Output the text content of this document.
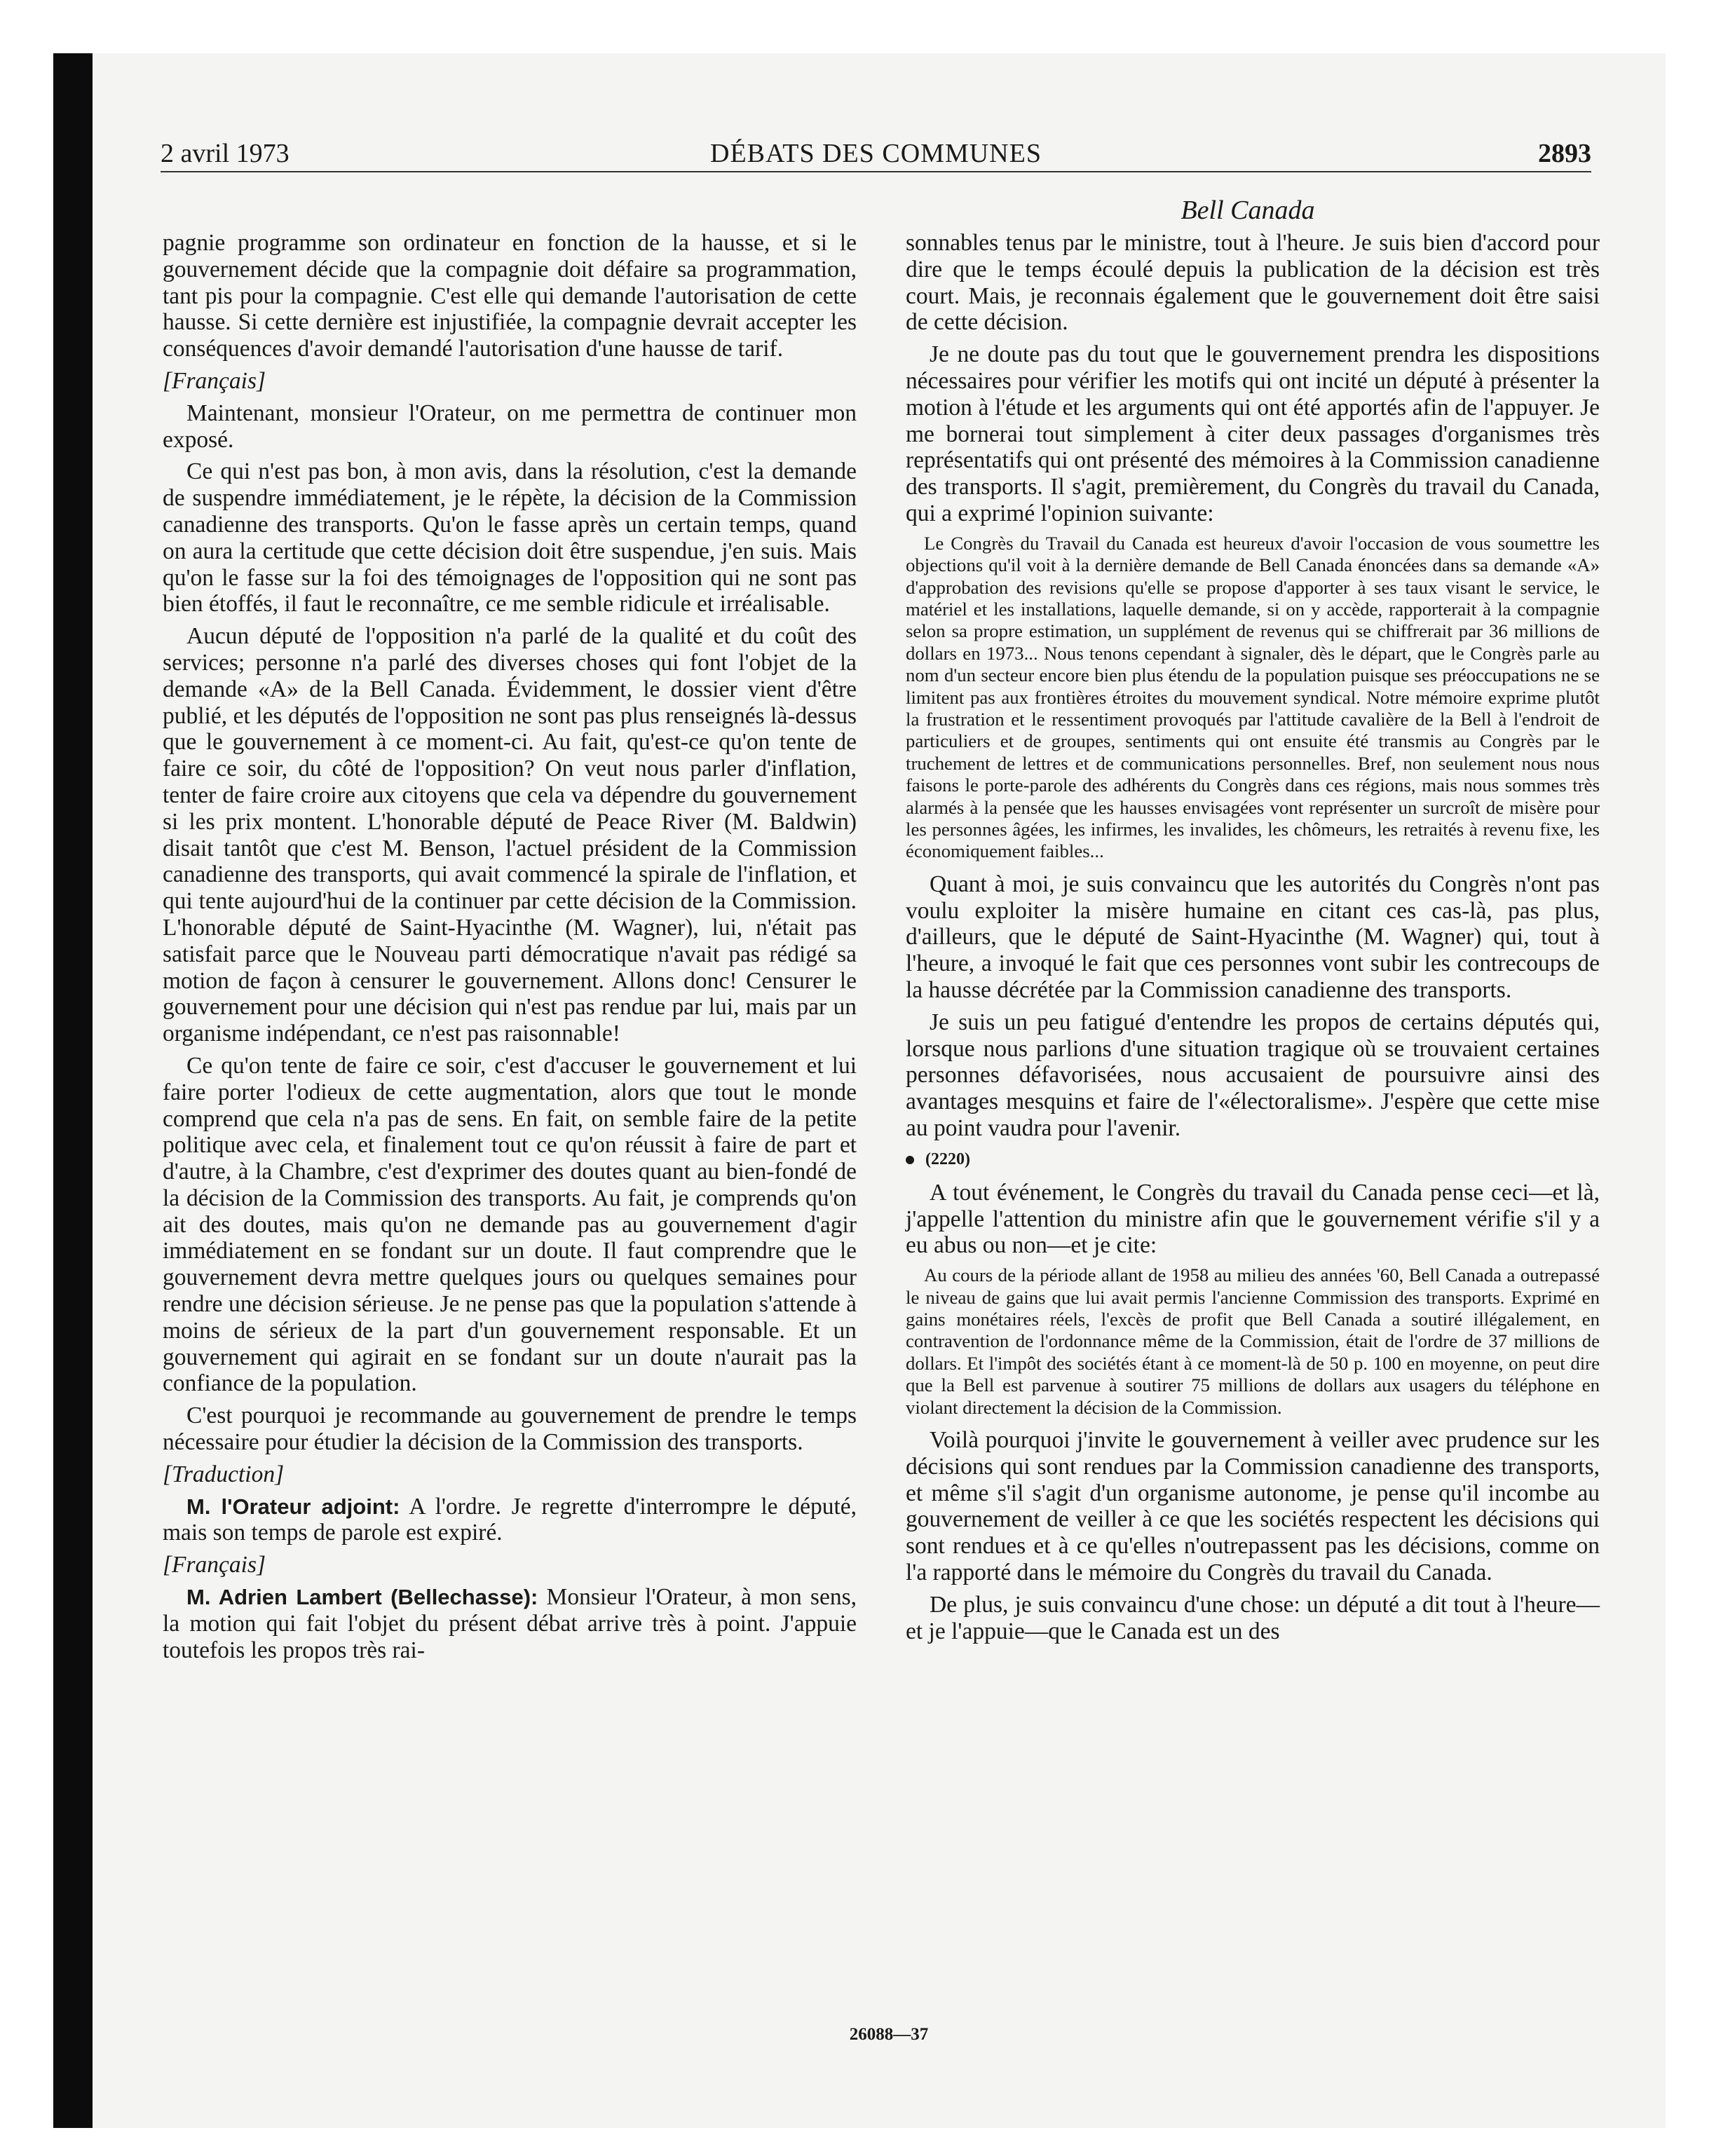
2 avril 1973	DÉBATS DES COMMUNES	2893
Bell Canada

pagnie programme son ordinateur en fonction de la hausse, et si le gouvernement décide que la compagnie doit défaire sa programmation, tant pis pour la compagnie. C'est elle qui demande l'autorisation de cette hausse. Si cette dernière est injustifiée, la compagnie devrait accepter les conséquences d'avoir demandé l'autorisation d'une hausse de tarif.

[Français]

Maintenant, monsieur l'Orateur, on me permettra de continuer mon exposé.

Ce qui n'est pas bon, à mon avis, dans la résolution, c'est la demande de suspendre immédiatement, je le répète, la décision de la Commission canadienne des transports. Qu'on le fasse après un certain temps, quand on aura la certitude que cette décision doit être suspendue, j'en suis. Mais qu'on le fasse sur la foi des témoignages de l'opposition qui ne sont pas bien étoffés, il faut le reconnaître, ce me semble ridicule et irréalisable.

Aucun député de l'opposition n'a parlé de la qualité et du coût des services; personne n'a parlé des diverses choses qui font l'objet de la demande «A» de la Bell Canada. Évidemment, le dossier vient d'être publié, et les députés de l'opposition ne sont pas plus renseignés là-dessus que le gouvernement à ce moment-ci. Au fait, qu'est-ce qu'on tente de faire ce soir, du côté de l'opposition? On veut nous parler d'inflation, tenter de faire croire aux citoyens que cela va dépendre du gouvernement si les prix montent. L'honorable député de Peace River (M. Baldwin) disait tantôt que c'est M. Benson, l'actuel président de la Commission canadienne des transports, qui avait commencé la spirale de l'inflation, et qui tente aujourd'hui de la continuer par cette décision de la Commission. L'honorable député de Saint-Hyacinthe (M. Wagner), lui, n'était pas satisfait parce que le Nouveau parti démocratique n'avait pas rédigé sa motion de façon à censurer le gouvernement. Allons donc! Censurer le gouvernement pour une décision qui n'est pas rendue par lui, mais par un organisme indépendant, ce n'est pas raisonnable!

Ce qu'on tente de faire ce soir, c'est d'accuser le gouvernement et lui faire porter l'odieux de cette augmentation, alors que tout le monde comprend que cela n'a pas de sens. En fait, on semble faire de la petite politique avec cela, et finalement tout ce qu'on réussit à faire de part et d'autre, à la Chambre, c'est d'exprimer des doutes quant au bien-fondé de la décision de la Commission des transports. Au fait, je comprends qu'on ait des doutes, mais qu'on ne demande pas au gouvernement d'agir immédiatement en se fondant sur un doute. Il faut comprendre que le gouvernement devra mettre quelques jours ou quelques semaines pour rendre une décision sérieuse. Je ne pense pas que la population s'attende à moins de sérieux de la part d'un gouvernement responsable. Et un gouvernement qui agirait en se fondant sur un doute n'aurait pas la confiance de la population.

C'est pourquoi je recommande au gouvernement de prendre le temps nécessaire pour étudier la décision de la Commission des transports.

[Traduction]

M. l'Orateur adjoint: A l'ordre. Je regrette d'interrompre le député, mais son temps de parole est expiré.

[Français]

M. Adrien Lambert (Bellechasse): Monsieur l'Orateur, à mon sens, la motion qui fait l'objet du présent débat arrive très à point. J'appuie toutefois les propos très rai-

sonnables tenus par le ministre, tout à l'heure. Je suis bien d'accord pour dire que le temps écoulé depuis la publication de la décision est très court. Mais, je reconnais également que le gouvernement doit être saisi de cette décision.

Je ne doute pas du tout que le gouvernement prendra les dispositions nécessaires pour vérifier les motifs qui ont incité un député à présenter la motion à l'étude et les arguments qui ont été apportés afin de l'appuyer. Je me bornerai tout simplement à citer deux passages d'organismes très représentatifs qui ont présenté des mémoires à la Commission canadienne des transports. Il s'agit, premièrement, du Congrès du travail du Canada, qui a exprimé l'opinion suivante:

Le Congrès du Travail du Canada est heureux d'avoir l'occasion de vous soumettre les objections qu'il voit à la dernière demande de Bell Canada énoncées dans sa demande «A» d'approbation des revisions qu'elle se propose d'apporter à ses taux visant le service, le matériel et les installations, laquelle demande, si on y accède, rapporterait à la compagnie selon sa propre estimation, un supplément de revenus qui se chiffrerait par 36 millions de dollars en 1973... Nous tenons cependant à signaler, dès le départ, que le Congrès parle au nom d'un secteur encore bien plus étendu de la population puisque ses préoccupations ne se limitent pas aux frontières étroites du mouvement syndical. Notre mémoire exprime plutôt la frustration et le ressentiment provoqués par l'attitude cavalière de la Bell à l'endroit de particuliers et de groupes, sentiments qui ont ensuite été transmis au Congrès par le truchement de lettres et de communications personnelles. Bref, non seulement nous nous faisons le porte-parole des adhérents du Congrès dans ces régions, mais nous sommes très alarmés à la pensée que les hausses envisagées vont représenter un surcroît de misère pour les personnes âgées, les infirmes, les invalides, les chômeurs, les retraités à revenu fixe, les économiquement faibles...

Quant à moi, je suis convaincu que les autorités du Congrès n'ont pas voulu exploiter la misère humaine en citant ces cas-là, pas plus, d'ailleurs, que le député de Saint-Hyacinthe (M. Wagner) qui, tout à l'heure, a invoqué le fait que ces personnes vont subir les contrecoups de la hausse décrétée par la Commission canadienne des transports.

Je suis un peu fatigué d'entendre les propos de certains députés qui, lorsque nous parlions d'une situation tragique où se trouvaient certaines personnes défavorisées, nous accusaient de poursuivre ainsi des avantages mesquins et faire de l'«électoralisme». J'espère que cette mise au point vaudra pour l'avenir.

(2220)

A tout événement, le Congrès du travail du Canada pense ceci—et là, j'appelle l'attention du ministre afin que le gouvernement vérifie s'il y a eu abus ou non—et je cite:

Au cours de la période allant de 1958 au milieu des années '60, Bell Canada a outrepassé le niveau de gains que lui avait permis l'ancienne Commission des transports. Exprimé en gains monétaires réels, l'excès de profit que Bell Canada a soutiré illégalement, en contravention de l'ordonnance même de la Commission, était de l'ordre de 37 millions de dollars. Et l'impôt des sociétés étant à ce moment-là de 50 p. 100 en moyenne, on peut dire que la Bell est parvenue à soutirer 75 millions de dollars aux usagers du téléphone en violant directement la décision de la Commission.

Voilà pourquoi j'invite le gouvernement à veiller avec prudence sur les décisions qui sont rendues par la Commission canadienne des transports, et même s'il s'agit d'un organisme autonome, je pense qu'il incombe au gouvernement de veiller à ce que les sociétés respectent les décisions qui sont rendues et à ce qu'elles n'outrepassent pas les décisions, comme on l'a rapporté dans le mémoire du Congrès du travail du Canada.

De plus, je suis convaincu d'une chose: un député a dit tout à l'heure—et je l'appuie—que le Canada est un des

26088—37
